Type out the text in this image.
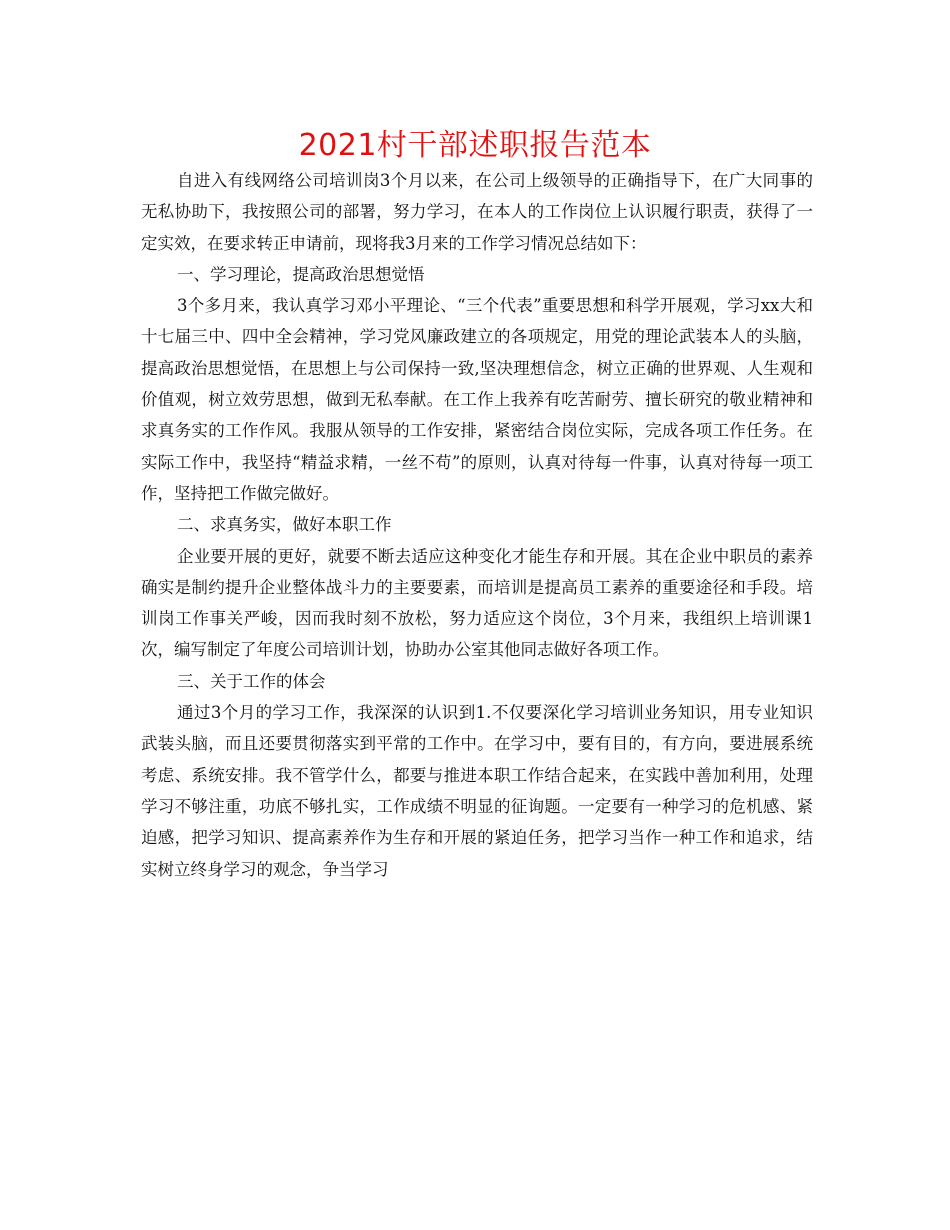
2021村干部述职报告范本

自进入有线网络公司培训岗3个月以来，在公司上级领导的正确指导下，在广大同事的无私协助下，我按照公司的部署，努力学习，在本人的工作岗位上认识履行职责，获得了一定实效，在要求转正申请前，现将我3月来的工作学习情况总结如下：

一、学习理论，提高政治思想觉悟

3个多月来，我认真学习邓小平理论、“三个代表”重要思想和科学开展观，学习xx大和十七届三中、四中全会精神，学习党风廉政建立的各项规定，用党的理论武装本人的头脑，提高政治思想觉悟，在思想上与公司保持一致,坚决理想信念，树立正确的世界观、人生观和价值观，树立效劳思想，做到无私奉献。在工作上我养有吃苦耐劳、擅长研究的敬业精神和求真务实的工作作风。我服从领导的工作安排，紧密结合岗位实际，完成各项工作任务。在实际工作中，我坚持“精益求精，一丝不苟”的原则，认真对待每一件事，认真对待每一项工作，坚持把工作做完做好。

二、求真务实，做好本职工作

企业要开展的更好，就要不断去适应这种变化才能生存和开展。其在企业中职员的素养确实是制约提升企业整体战斗力的主要要素，而培训是提高员工素养的重要途径和手段。培训岗工作事关严峻，因而我时刻不放松，努力适应这个岗位，3个月来，我组织上培训课1次，编写制定了年度公司培训计划，协助办公室其他同志做好各项工作。

三、关于工作的体会

通过3个月的学习工作，我深深的认识到1.不仅要深化学习培训业务知识，用专业知识武装头脑，而且还要贯彻落实到平常的工作中。在学习中，要有目的，有方向，要进展系统考虑、系统安排。我不管学什么，都要与推进本职工作结合起来，在实践中善加利用，处理学习不够注重，功底不够扎实，工作成绩不明显的征询题。一定要有一种学习的危机感、紧迫感，把学习知识、提高素养作为生存和开展的紧迫任务，把学习当作一种工作和追求，结实树立终身学习的观念，争当学习
